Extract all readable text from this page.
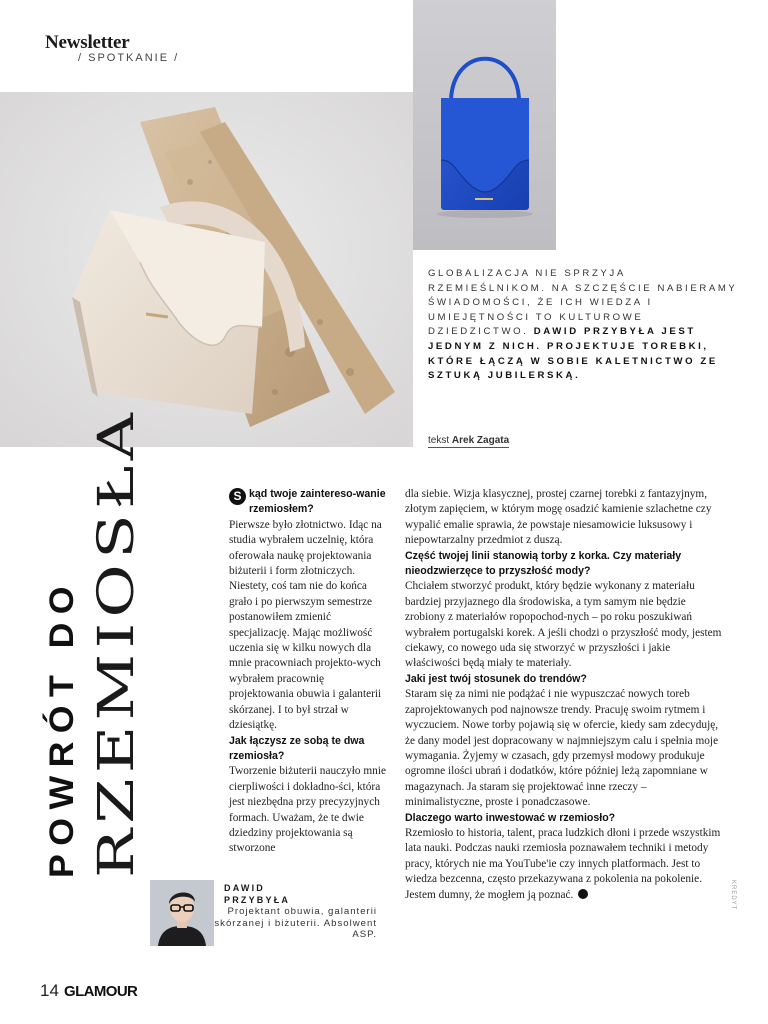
Newsletter
/ SPOTKANIE /
GLOBALIZACJA NIE SPRZYJA RZEMIEŚLNIKOM. NA SZCZĘŚCIE NABIERAMY ŚWIADOMOŚCI, ŻE ICH WIEDZA I UMIEJĘTNOŚCI TO KULTUROWE DZIEDZICTWO. DAWID PRZYBYŁA JEST JEDNYM Z NICH. PROJEKTUJE TOREBKI, KTÓRE ŁĄCZĄ W SOBIE KALETNICTWO ZE SZTUKĄ JUBILERSKĄ.
tekst Arek Zagata
POWRÓT DO RZEMIOSŁA

S kąd twoje zaintereso-wanie rzemiosłem?

Pierwsze było złotnictwo. Idąc na studia wybrałem uczelnię, która oferowała naukę projektowania biżuterii i form złotniczych. Niestety, coś tam nie do końca grało i po pierwszym semestrze postanowiłem zmienić specjalizację. Mając możliwość uczenia się w kilku nowych dla mnie pracowniach projekto-wych wybrałem pracownię projektowania obuwia i galanterii skórzanej. I to był strzał w dziesiątkę.

Jak łączysz ze sobą te dwa rzemiosła?

Tworzenie biżuterii nauczyło mnie cierpliwości i dokładno-ści, która jest niezbędna przy precyzyjnych formach. Uważam, że te dwie dziedziny projektowania są stworzone

dla siebie. Wizja klasycznej, prostej czarnej torebki z fantazyjnym, złotym zapięciem, w którym mogę osadzić kamienie szlachetne czy wypalić emalie sprawia, że powstaje niesamowicie luksusowy i niepowtarzalny przedmiot z duszą.

Część twojej linii stanowią torby z korka. Czy materiały nieodzwierzęce to przyszłość mody?

Chciałem stworzyć produkt, który będzie wykonany z materiału bardziej przyjaznego dla środowiska, a tym samym nie będzie zrobiony z materiałów ropopochod-nych – po roku poszukiwań wybrałem portugalski korek. A jeśli chodzi o przyszłość mody, jestem ciekawy, co nowego uda się stworzyć w przyszłości i jakie właściwości będą miały te materiały.

Jaki jest twój stosunek do trendów?

Staram się za nimi nie podążać i nie wypuszczać nowych toreb zaprojektowanych pod najnowsze trendy. Pracuję swoim rytmem i wyczuciem. Nowe torby pojawią się w ofercie, kiedy sam zdecyduję, że dany model jest dopracowany w najmniejszym calu i spełnia moje wymagania. Żyjemy w czasach, gdy przemysł modowy produkuje ogromne ilości ubrań i dodatków, które później leżą zapomniane w magazynach. Ja staram się projektować inne rzeczy – minimalistyczne, proste i ponadczasowe.

Dlaczego warto inwestować w rzemiosło?

Rzemiosło to historia, talent, praca ludzkich dłoni i przede wszystkim lata nauki. Podczas nauki rzemiosła poznawałem techniki i metody pracy, których nie ma YouTube'ie czy innych platformach. Jest to wiedza bezcenna, często przekazywana z pokolenia na pokolenie. Jestem dumny, że mogłem ją poznać.

DAWID
PRZYBYŁA
Projektant obuwia, galanterii skórzanej i biżuterii. Absolwent ASP.
14 GLAMOUR
KREDYT
